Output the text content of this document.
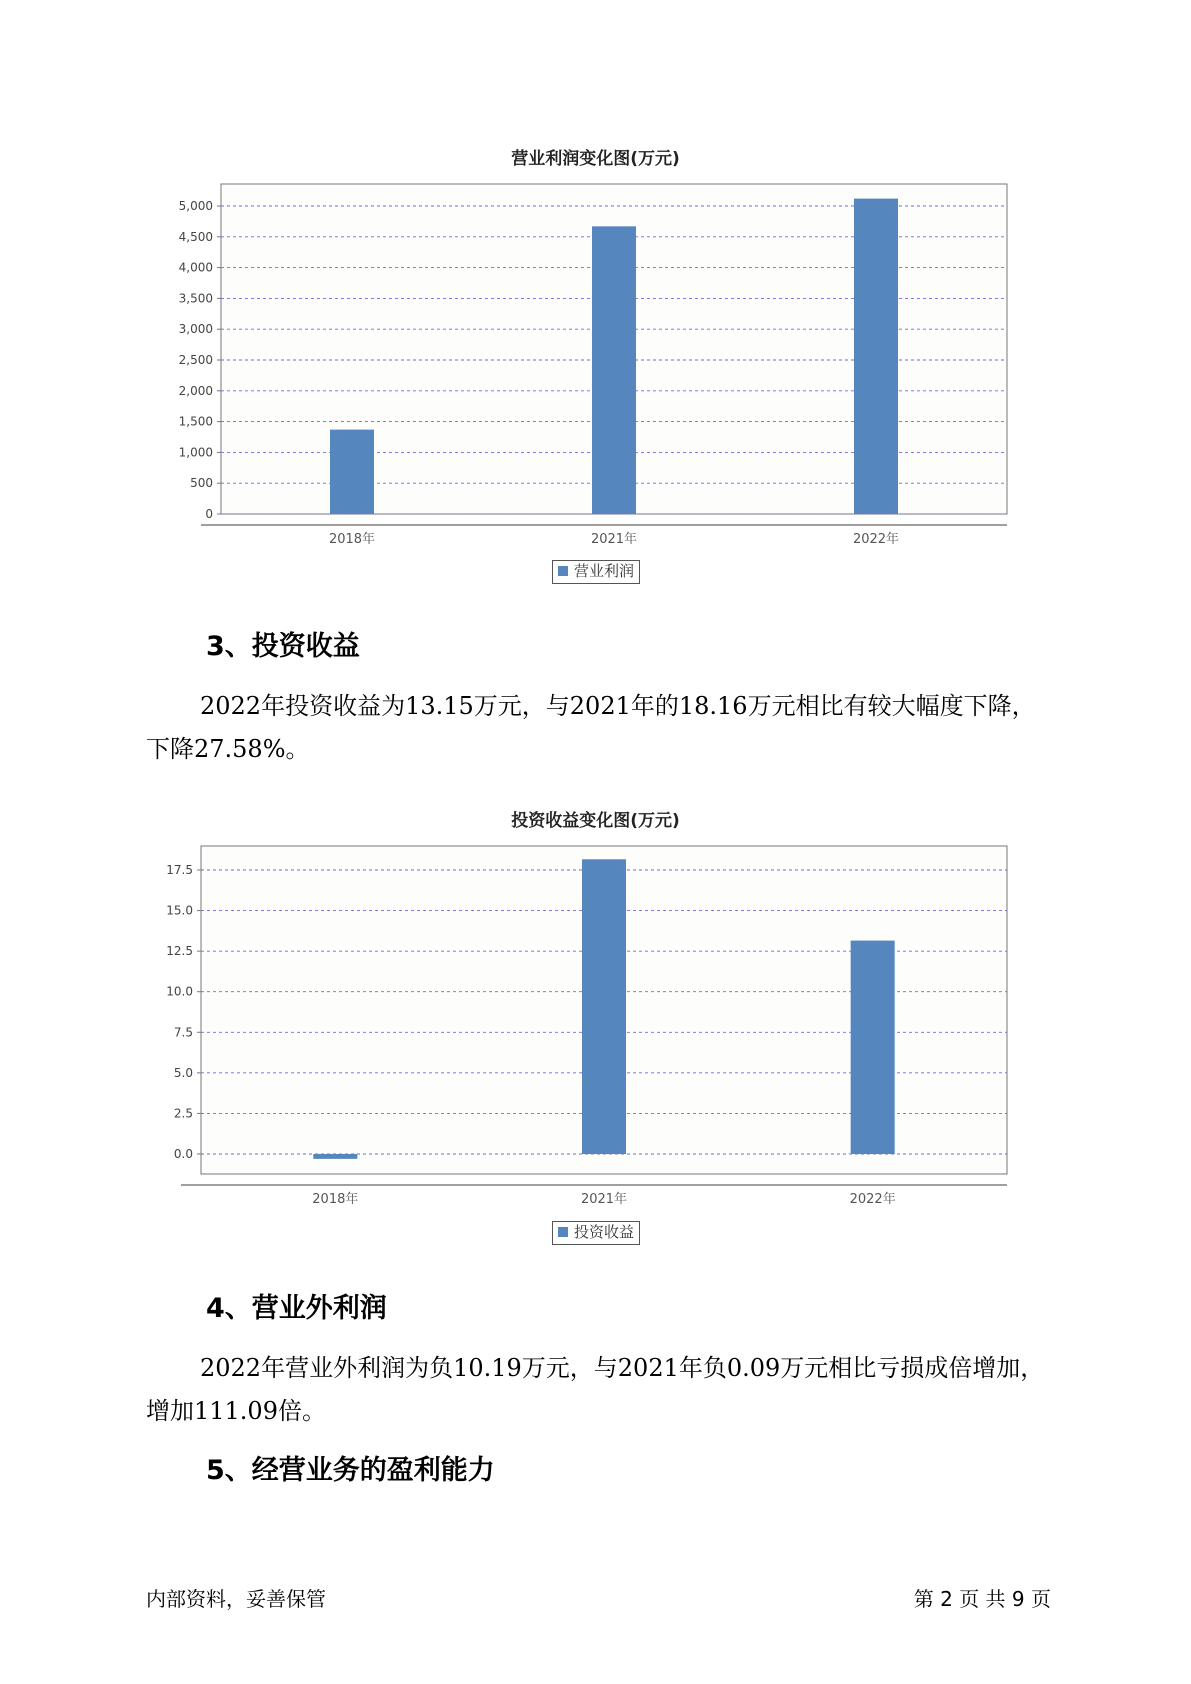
营业利润变化图(万元)
0
500
1,000
1,500
2,000
2,500
3,000
3,500
4,000
4,500
5,000
2018年	2021年	2022年
营业利润
3、投资收益

2022年投资收益为13.15万元，与2021年的18.16万元相比有较大幅度下降，下降27.58%。

投资收益变化图(万元)
0.0
2.5
5.0
7.5
10.0
12.5
15.0
17.5
2018年	2021年	2022年
投资收益
4、营业外利润

2022年营业外利润为负10.19万元，与2021年负0.09万元相比亏损成倍增加，增加111.09倍。

5、经营业务的盈利能力
内部资料，妥善保管	第 2 页 共 9 页
